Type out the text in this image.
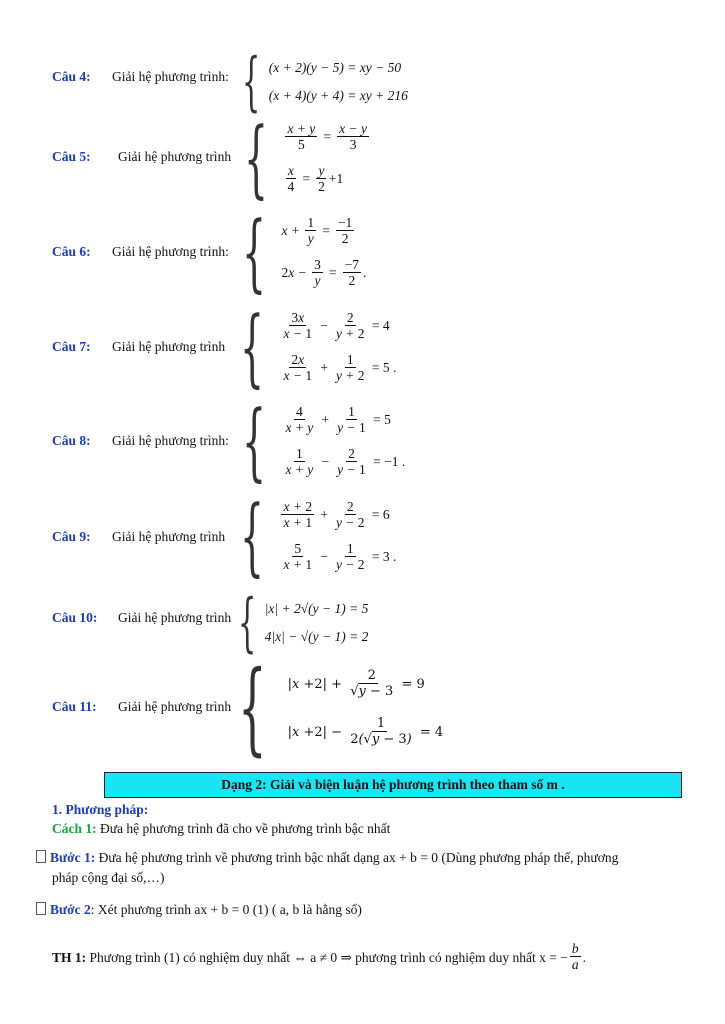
Câu 4: Giải hệ phương trình: { (x + 2)(y − 5) = xy − 50
(x + 4)(y + 4) = xy + 216
Câu 5: Giải hệ phương trình { $\frac{x + y}{5} = \frac{x - y}{3}$
$\frac{x}{4} = \frac{y}{2} +1$
Câu 6: Giải hệ phương trình: { $x + \frac{1}{y} = \frac{-1}{2}$
2 $x - \frac{3}{y} = \frac{-7}{2}$ .
Câu 7: Giải hệ phương trình { $\frac{3x}{x - 1} - \frac{2}{y + 2}$
= 4
$\frac{2x}{x - 1} + \frac{1}{y + 2}$
= 5 .
Câu 8: Giải hệ phương trình: { $\frac{4}{x + y} + \frac{1}{y - 1}$
= 5
$\frac{1}{x + y} - \frac{2}{y - 1}$
= −1 .
Câu 9: Giải hệ phương trình { $\frac{x + 2}{x + 1} + \frac{2}{y - 2}$
= 6
$\frac{5}{x + 1} - \frac{1}{y - 2}$
= 3 .
Câu 10: Giải hệ phương trình { |x| + 2√(y − 1) = 5
4|x| − √(y − 1) = 2
Câu 11: Giải hệ phương trình { |x + 2 | + $\frac{2}{√y - 3}$
= 9
|x + 2 | − $\frac{1}{2(√y - 3)}$
= 4
Dạng 2: Giải và biện luận hệ phương trình theo tham số m .
1. Phương pháp:
Cách 1: Đưa hệ phương trình đã cho về phương trình bậc nhất
Bước 1: Đưa hệ phương trình về phương trình bậc nhất dạng ax + b = 0 (Dùng phương pháp thế, phương
pháp cộng đại số,…)
Bước 2: Xét phương trình ax + b = 0 (1) ( a, b là hằng số)
TH 1:
Phương trình (1) có nghiệm duy nhất ⇔ a ≠ 0 ⇒ phương trình có nghiệm duy nhất x = − $\frac{b}{a}$ .
